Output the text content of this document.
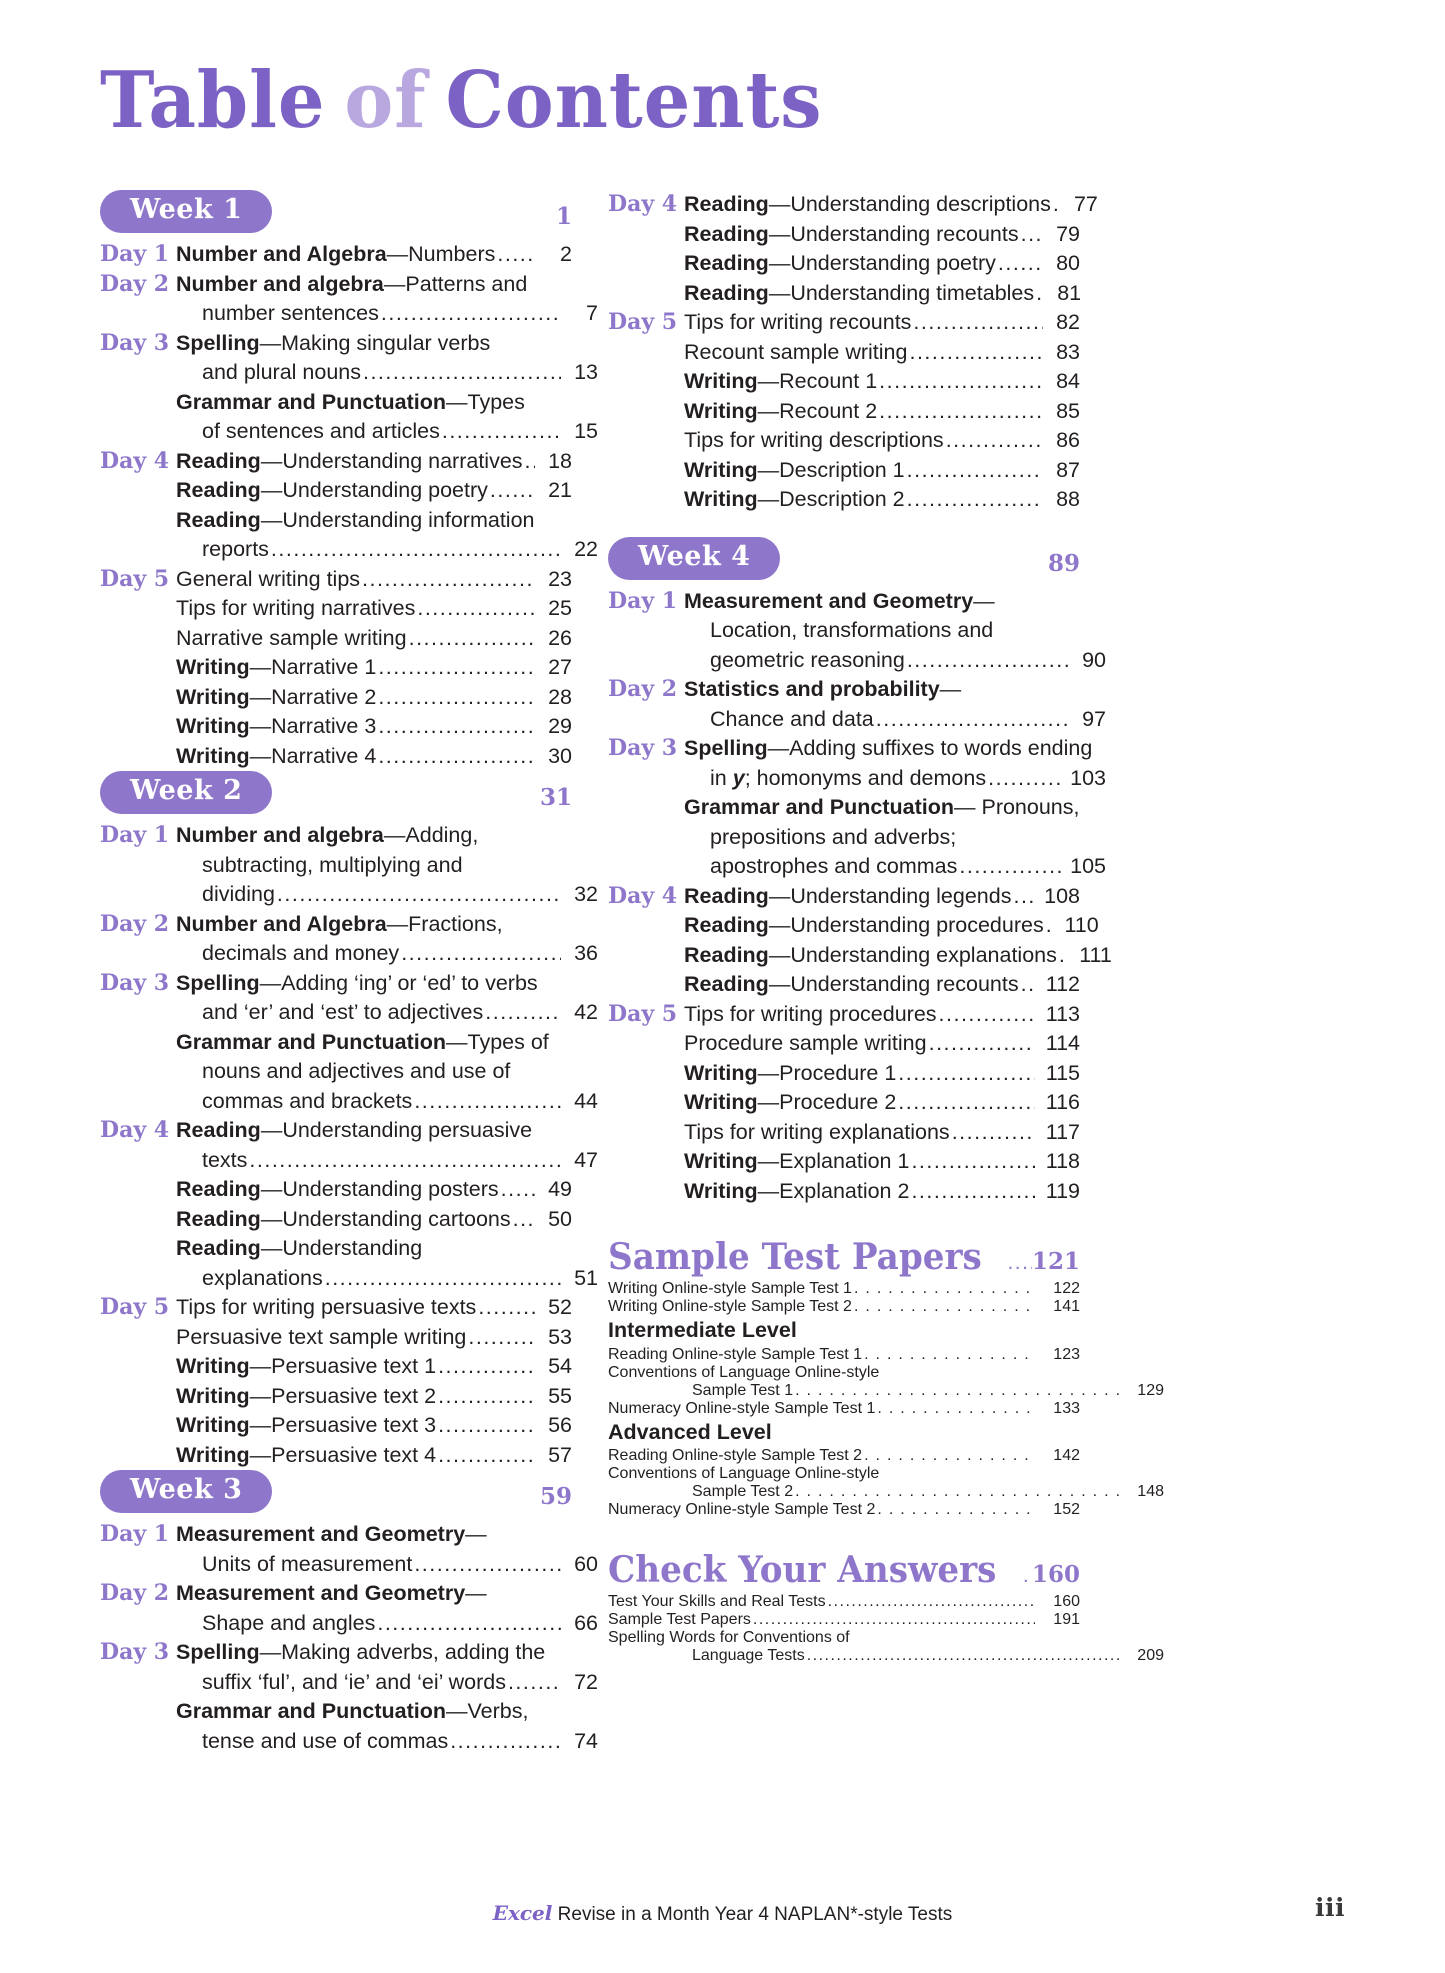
Table of Contents
Week 1	1
Day 1 Number and Algebra—Numbers .....	2
Day 2 Number and algebra—Patterns and
number sentences .....	7
Day 3 Spelling—Making singular verbs
and plural nouns .....	13
Grammar and Punctuation—Types
of sentences and articles .....	15
Day 4 Reading—Understanding narratives .....	18
Reading—Understanding poetry .....	21
Reading—Understanding information
reports .....	22
Day 5 General writing tips .....	23
Tips for writing narratives .....	25
Narrative sample writing .....	26
Writing—Narrative 1 .....	27
Writing—Narrative 2 .....	28
Writing—Narrative 3 .....	29
Writing—Narrative 4 .....	30
Week 2	31
Day 1 Number and algebra—Adding,
subtracting, multiplying and
dividing .....	32
Day 2 Number and Algebra—Fractions,
decimals and money .....	36
Day 3 Spelling—Adding ‘ing’ or ‘ed’ to verbs
and ‘er’ and ‘est’ to adjectives .....	42
Grammar and Punctuation—Types of
nouns and adjectives and use of
commas and brackets .....	44
Day 4 Reading—Understanding persuasive
texts .....	47
Reading—Understanding posters .....	49
Reading—Understanding cartoons .....	50
Reading—Understanding
explanations .....	51
Day 5 Tips for writing persuasive texts .....	52
Persuasive text sample writing .....	53
Writing—Persuasive text 1 .....	54
Writing—Persuasive text 2 .....	55
Writing—Persuasive text 3 .....	56
Writing—Persuasive text 4 .....	57
Week 3	59
Day 1 Measurement and Geometry—
Units of measurement .....	60
Day 2 Measurement and Geometry—
Shape and angles .....	66
Day 3 Spelling—Making adverbs, adding the
suffix ‘ful’, and ‘ie’ and ‘ei’ words .....	72
Grammar and Punctuation—Verbs,
tense and use of commas .....	74
Day 4 Reading—Understanding descriptions .....	77
Reading—Understanding recounts .....	79
Reading—Understanding poetry .....	80
Reading—Understanding timetables .....	81
Day 5 Tips for writing recounts .....	82
Recount sample writing .....	83
Writing—Recount 1 .....	84
Writing—Recount 2 .....	85
Tips for writing descriptions .....	86
Writing—Description 1 .....	87
Writing—Description 2 .....	88
Week 4	89
Day 1 Measurement and Geometry—
Location, transformations and
geometric reasoning .....	90
Day 2 Statistics and probability—
Chance and data .....	97
Day 3 Spelling—Adding suffixes to words ending
in y; homonyms and demons .....	103
Grammar and Punctuation— Pronouns,
prepositions and adverbs;
apostrophes and commas .....	105
Day 4 Reading—Understanding legends .....	108
Reading—Understanding procedures ..... 110
Reading—Understanding explanations .....	111
Reading—Understanding recounts .....	112
Day 5 Tips for writing procedures .....	113
Procedure sample writing .....	114
Writing—Procedure 1 .....	115
Writing—Procedure 2 .....	116
Tips for writing explanations .....	117
Writing—Explanation 1 .....	118
Writing—Explanation 2 .....	119
Sample Test Papers ..... 121
Writing Online-style Sample Test 1 .....	122
Writing Online-style Sample Test 2 .....	141
Intermediate Level
Reading Online-style Sample Test 1 .....	123
Conventions of Language Online-style
Sample Test 1 .....	129
Numeracy Online-style Sample Test 1 .....	133
Advanced Level
Reading Online-style Sample Test 2 .....	142
Conventions of Language Online-style
Sample Test 2 .....	148
Numeracy Online-style Sample Test 2 .....	152
Check Your Answers ..... 160
Test Your Skills and Real Tests .....	160
Sample Test Papers .....	191
Spelling Words for Conventions of
Language Tests .....	209
Excel Revise in a Month Year 4 NAPLAN*-style Tests	iii
